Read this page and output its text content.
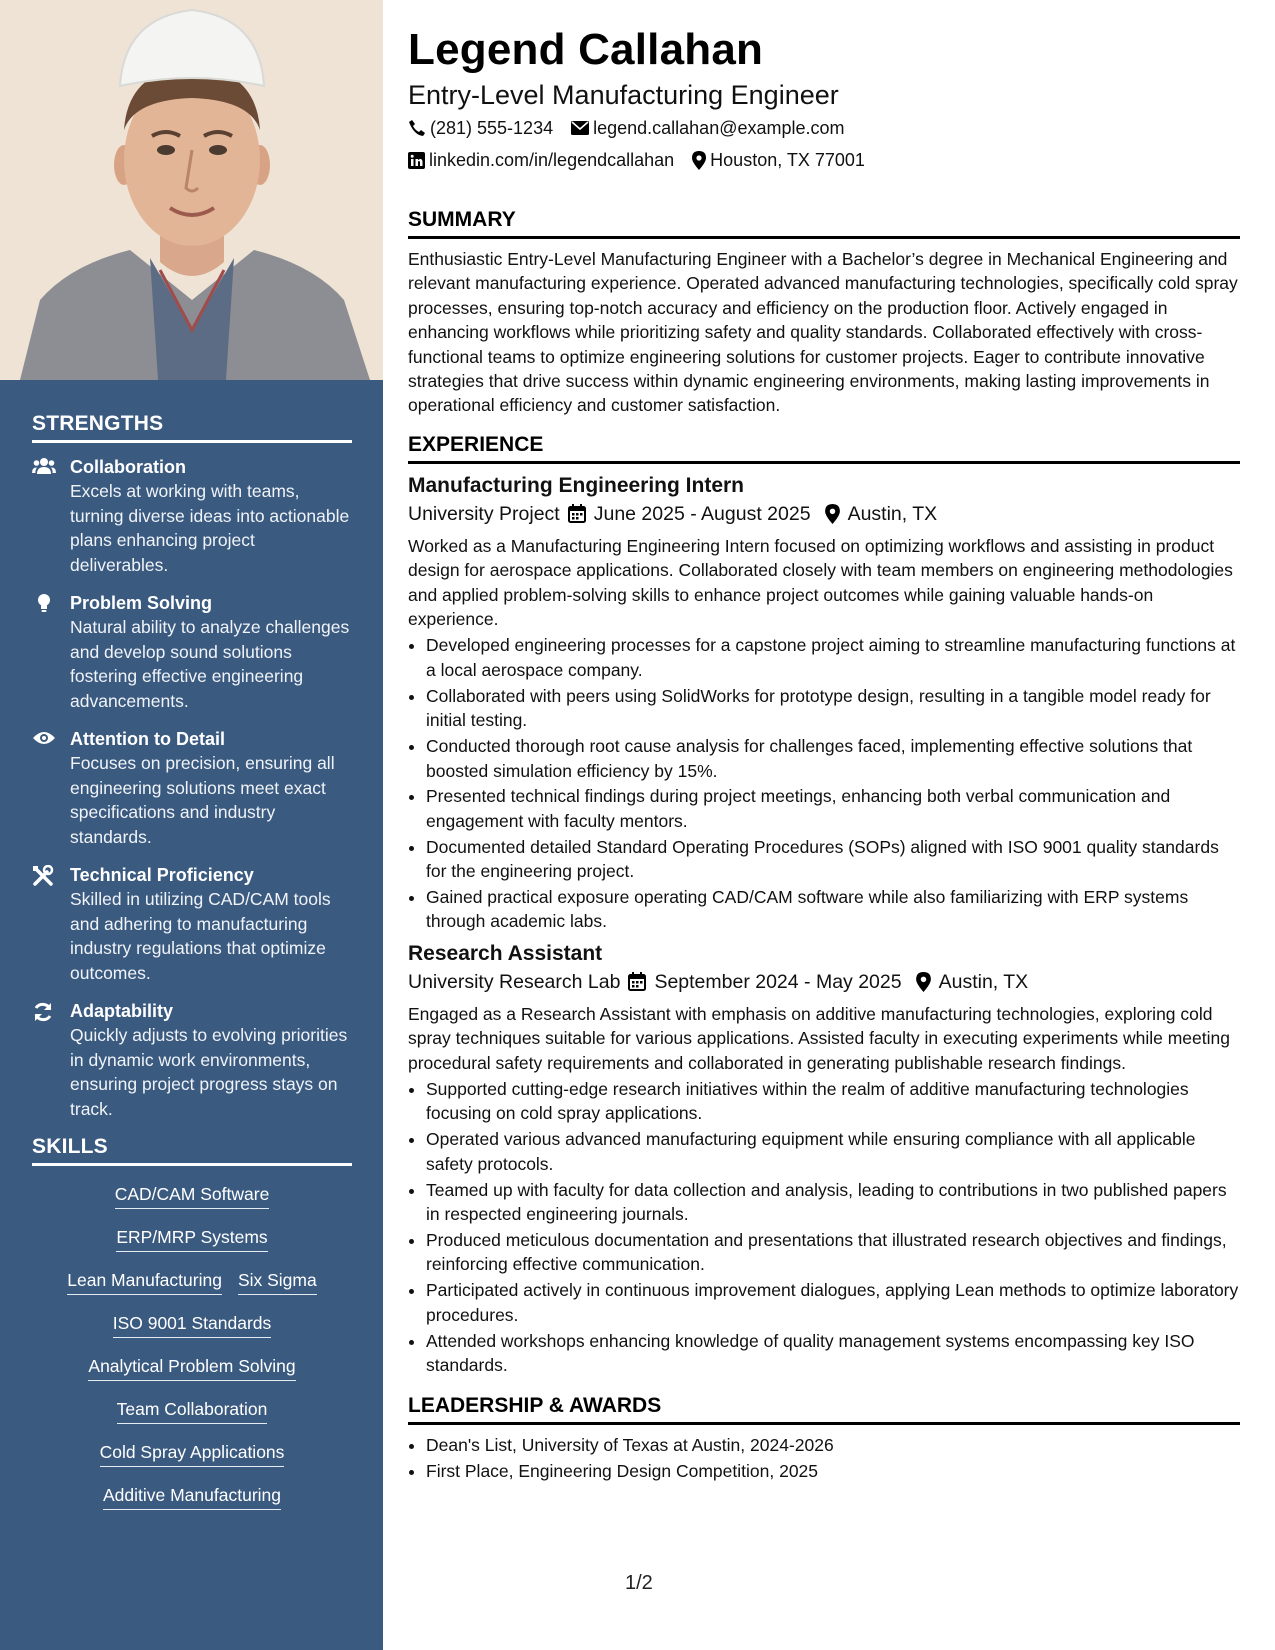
STRENGTHS
Collaboration
Excels at working with teams, turning diverse ideas into actionable plans enhancing project deliverables.
Problem Solving
Natural ability to analyze challenges and develop sound solutions fostering effective engineering advancements.
Attention to Detail
Focuses on precision, ensuring all engineering solutions meet exact specifications and industry standards.
Technical Proficiency
Skilled in utilizing CAD/CAM tools and adhering to manufacturing industry regulations that optimize outcomes.
Adaptability
Quickly adjusts to evolving priorities in dynamic work environments, ensuring project progress stays on track.
SKILLS
CAD/CAM Software
ERP/MRP Systems
Lean Manufacturing Six Sigma
ISO 9001 Standards
Analytical Problem Solving
Team Collaboration
Cold Spray Applications
Additive Manufacturing
Legend Callahan
Entry-Level Manufacturing Engineer
(281) 555-1234 legend.callahan@example.com
linkedin.com/in/legendcallahan Houston, TX 77001
SUMMARY

Enthusiastic Entry-Level Manufacturing Engineer with a Bachelor’s degree in Mechanical Engineering and relevant manufacturing experience. Operated advanced manufacturing technologies, specifically cold spray processes, ensuring top-notch accuracy and efficiency on the production floor. Actively engaged in enhancing workflows while prioritizing safety and quality standards. Collaborated effectively with cross-functional teams to optimize engineering solutions for customer projects. Eager to contribute innovative strategies that drive success within dynamic engineering environments, making lasting improvements in operational efficiency and customer satisfaction.

EXPERIENCE
Manufacturing Engineering Intern
University Project June 2025 - August 2025 Austin, TX

Worked as a Manufacturing Engineering Intern focused on optimizing workflows and assisting in product design for aerospace applications. Collaborated closely with team members on engineering methodologies and applied problem-solving skills to enhance project outcomes while gaining valuable hands-on experience.

• Developed engineering processes for a capstone project aiming to streamline manufacturing functions at a local aerospace company.
• Collaborated with peers using SolidWorks for prototype design, resulting in a tangible model ready for initial testing.
• Conducted thorough root cause analysis for challenges faced, implementing effective solutions that boosted simulation efficiency by 15%.
• Presented technical findings during project meetings, enhancing both verbal communication and engagement with faculty mentors.
• Documented detailed Standard Operating Procedures (SOPs) aligned with ISO 9001 quality standards for the engineering project.
• Gained practical exposure operating CAD/CAM software while also familiarizing with ERP systems through academic labs.
Research Assistant
University Research Lab September 2024 - May 2025 Austin, TX

Engaged as a Research Assistant with emphasis on additive manufacturing technologies, exploring cold spray techniques suitable for various applications. Assisted faculty in executing experiments while meeting procedural safety requirements and collaborated in generating publishable research findings.

• Supported cutting-edge research initiatives within the realm of additive manufacturing technologies focusing on cold spray applications.
• Operated various advanced manufacturing equipment while ensuring compliance with all applicable safety protocols.
• Teamed up with faculty for data collection and analysis, leading to contributions in two published papers in respected engineering journals.
• Produced meticulous documentation and presentations that illustrated research objectives and findings, reinforcing effective communication.
• Participated actively in continuous improvement dialogues, applying Lean methods to optimize laboratory procedures.
• Attended workshops enhancing knowledge of quality management systems encompassing key ISO standards.
LEADERSHIP & AWARDS
• Dean's List, University of Texas at Austin, 2024-2026
• First Place, Engineering Design Competition, 2025
1/2
